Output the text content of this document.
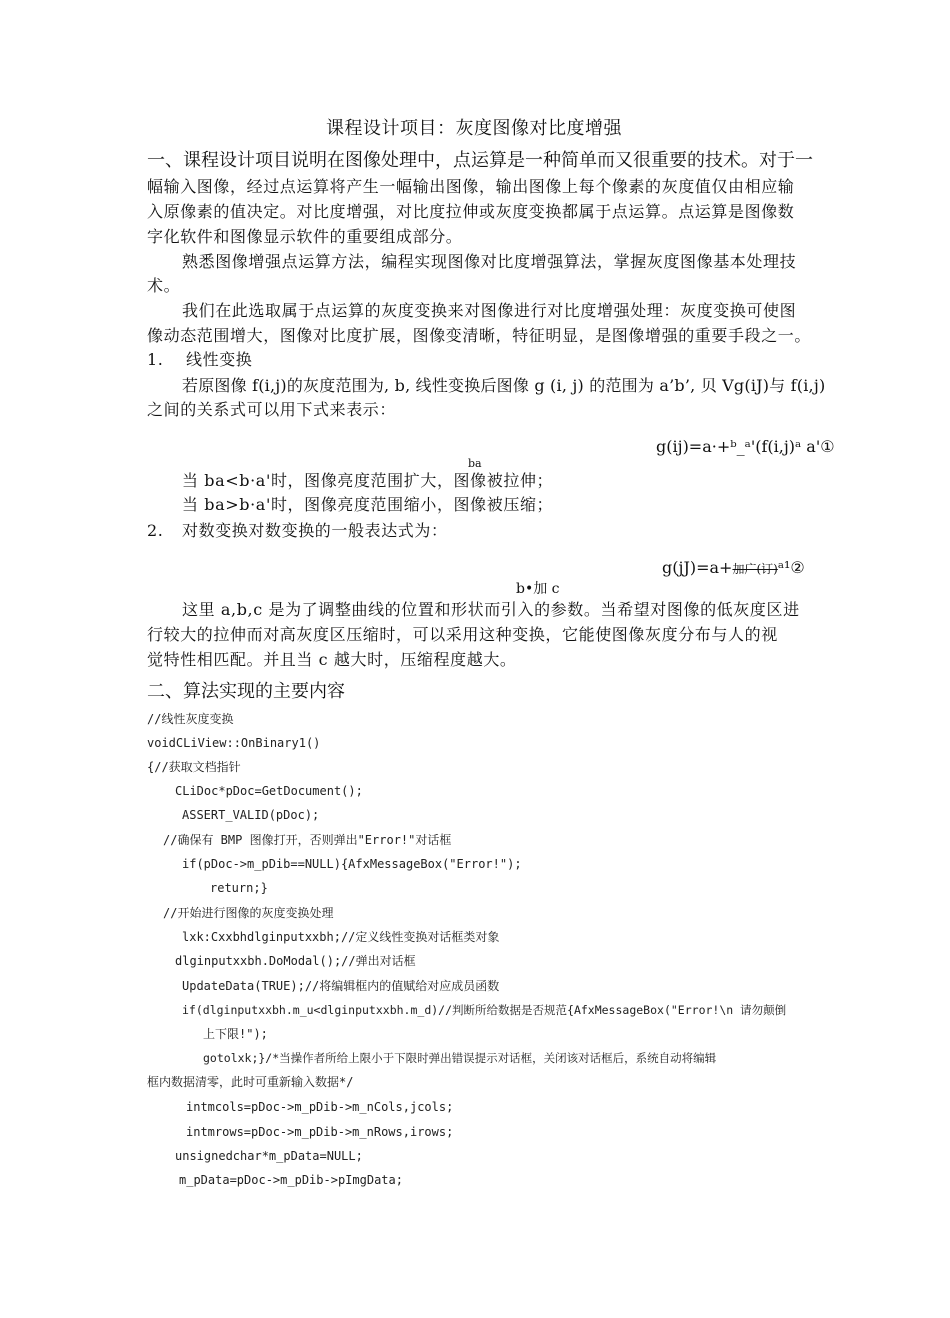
课程设计项目：灰度图像对比度增强
一、课程设计项目说明在图像处理中，点运算是一种简单而又很重要的技术。对于一
幅输入图像，经过点运算将产生一幅输出图像，输出图像上每个像素的灰度值仅由相应输
入原像素的值决定。对比度增强，对比度拉伸或灰度变换都属于点运算。点运算是图像数
字化软件和图像显示软件的重要组成部分。
熟悉图像增强点运算方法，编程实现图像对比度增强算法，掌握灰度图像基本处理技
术。
我们在此选取属于点运算的灰度变换来对图像进行对比度增强处理：灰度变换可使图
像动态范围增大，图像对比度扩展，图像变清晰，特征明显，是图像增强的重要手段之一。
1. 线性变换
若原图像 f(i,j)的灰度范围为, b, 线性变换后图像 g (i, j) 的范围为 a’b’, 贝 Vg(iJ)与 f(i,j)
之间的关系式可以用下式来表示：
g(ij)=a·+ᵇ_ᵃ'(f(i,j)ᵃ a'①
ba
当 ba<b·a'时，图像亮度范围扩大，图像被拉伸；
当 ba>b·a'时，图像亮度范围缩小，图像被压缩；
2. 对数变换对数变换的一般表达式为：
g(jJ)=a+加广(订)ᵃ¹②
b•加 c
这里 a,b,c 是为了调整曲线的位置和形状而引入的参数。当希望对图像的低灰度区进
行较大的拉伸而对高灰度区压缩时，可以采用这种变换，它能使图像灰度分布与人的视
觉特性相匹配。并且当 c 越大时，压缩程度越大。
二、算法实现的主要内容
//线性灰度变换
voidCLiView::OnBinary1()
{//获取文档指针
CLiDoc*pDoc=GetDocument();
ASSERT_VALID(pDoc);
//确保有 BMP 图像打开，否则弹出"Error!"对话框
if(pDoc->m_pDib==NULL){AfxMessageBox("Error!");
return;}
//开始进行图像的灰度变换处理
lxk:Cxxbhdlginputxxbh;//定义线性变换对话框类对象
dlginputxxbh.DoModal();//弹出对话框
UpdateData(TRUE);//将编辑框内的值赋给对应成员函数
if(dlginputxxbh.m_u<dlginputxxbh.m_d)//判断所给数据是否规范{AfxMessageBox("Error!\n 请勿颠倒
上下限!");
gotolxk;}/*当操作者所给上限小于下限时弹出错误提示对话框，关闭该对话框后，系统自动将编辑
框内数据清零，此时可重新输入数据*/
intmcols=pDoc->m_pDib->m_nCols,jcols;
intmrows=pDoc->m_pDib->m_nRows,irows;
unsignedchar*m_pData=NULL;
m_pData=pDoc->m_pDib->pImgData;
